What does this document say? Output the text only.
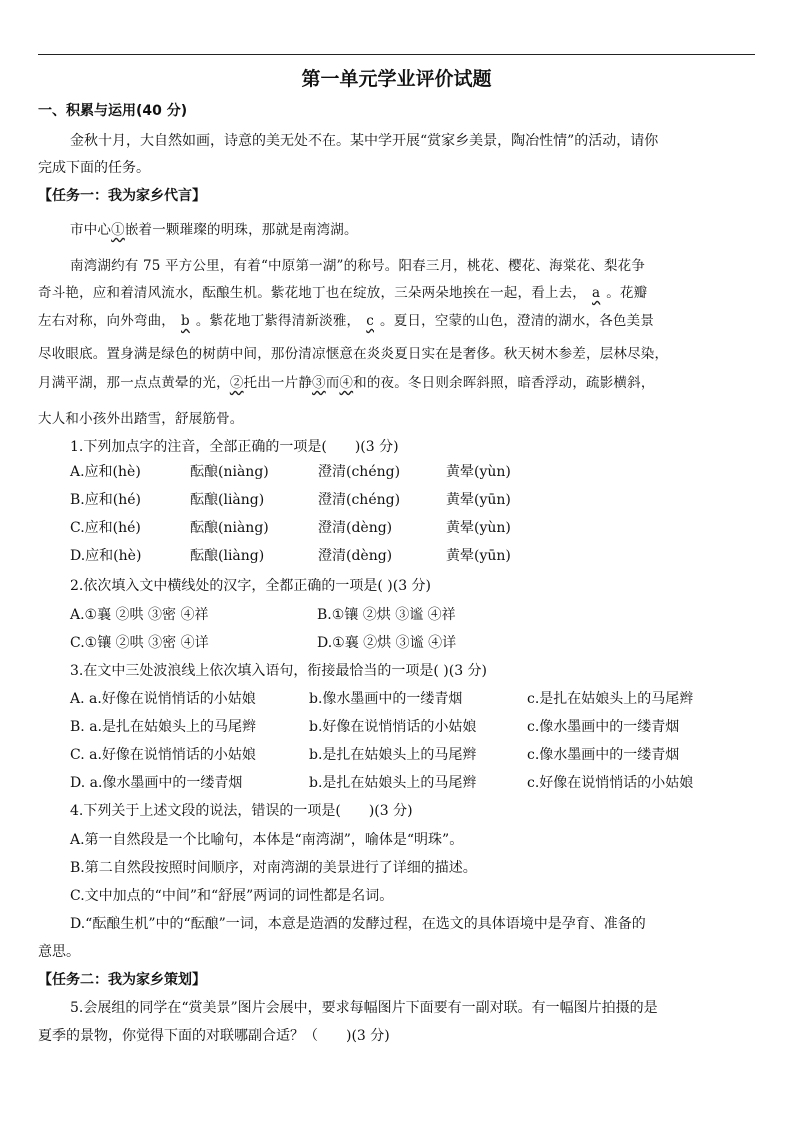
第一单元学业评价试题
一、积累与运用(40 分)
金秋十月，大自然如画，诗意的美无处不在。某中学开展“赏家乡美景，陶冶性情”的活动，请你
完成下面的任务。
【任务一：我为家乡代言】
市中心①嵌着一颗璀璨的明珠，那就是南湾湖。
南湾湖约有 75 平方公里，有着“中原第一湖”的称号。阳春三月，桃花、樱花、海棠花、梨花争
奇斗艳，应和着清风流水，酝酿生机。紫花地丁也在绽放，三朵两朵地挨在一起，看上去， a 。花瓣
左右对称，向外弯曲， b 。紫花地丁紫得清新淡雅， c 。夏日，空蒙的山色，澄清的湖水，各色美景
尽收眼底。置身满是绿色的树荫中间，那份清凉惬意在炎炎夏日实在是奢侈。秋天树木参差，层林尽染，
月满平湖，那一点点黄晕的光，②托出一片静③而④和的夜。冬日则余晖斜照，暗香浮动，疏影横斜，
大人和小孩外出踏雪，舒展筋骨。
1.下列加点字的注音，全部正确的一项是(　　)(3 分)
A.应和(hè)	酝酿(niàng)	澄清(chéng)	黄晕(yùn)
B.应和(hé)	酝酿(liàng)	澄清(chéng)	黄晕(yūn)
C.应和(hé)	酝酿(niàng)	澄清(dèng)	黄晕(yùn)
D.应和(hè)	酝酿(liàng)	澄清(dèng)	黄晕(yūn)
2.依次填入文中横线处的汉字，全都正确的一项是( )(3 分)
A.①襄 ②哄 ③密 ④祥	B.①镶 ②烘 ③谧 ④祥
C.①镶 ②哄 ③密 ④详	D.①襄 ②烘 ③谧 ④详
3.在文中三处波浪线上依次填入语句，衔接最恰当的一项是( )(3 分)
A. a.好像在说悄悄话的小姑娘	b.像水墨画中的一缕青烟	c.是扎在姑娘头上的马尾辫
B. a.是扎在姑娘头上的马尾辫	b.好像在说悄悄话的小姑娘	c.像水墨画中的一缕青烟
C. a.好像在说悄悄话的小姑娘	b.是扎在姑娘头上的马尾辫	c.像水墨画中的一缕青烟
D. a.像水墨画中的一缕青烟	b.是扎在姑娘头上的马尾辫	c.好像在说悄悄话的小姑娘
4.下列关于上述文段的说法，错误的一项是(　　)(3 分)
A.第一自然段是一个比喻句，本体是“南湾湖”，喻体是“明珠”。
B.第二自然段按照时间顺序，对南湾湖的美景进行了详细的描述。
C.文中加点的“中间”和“舒展”两词的词性都是名词。
D.“酝酿生机”中的“酝酿”一词，本意是造酒的发酵过程，在选文的具体语境中是孕育、准备的
意思。
【任务二：我为家乡策划】
5.会展组的同学在“赏美景”图片会展中，要求每幅图片下面要有一副对联。有一幅图片拍摄的是
夏季的景物，你觉得下面的对联哪副合适？（　　)(3 分)
